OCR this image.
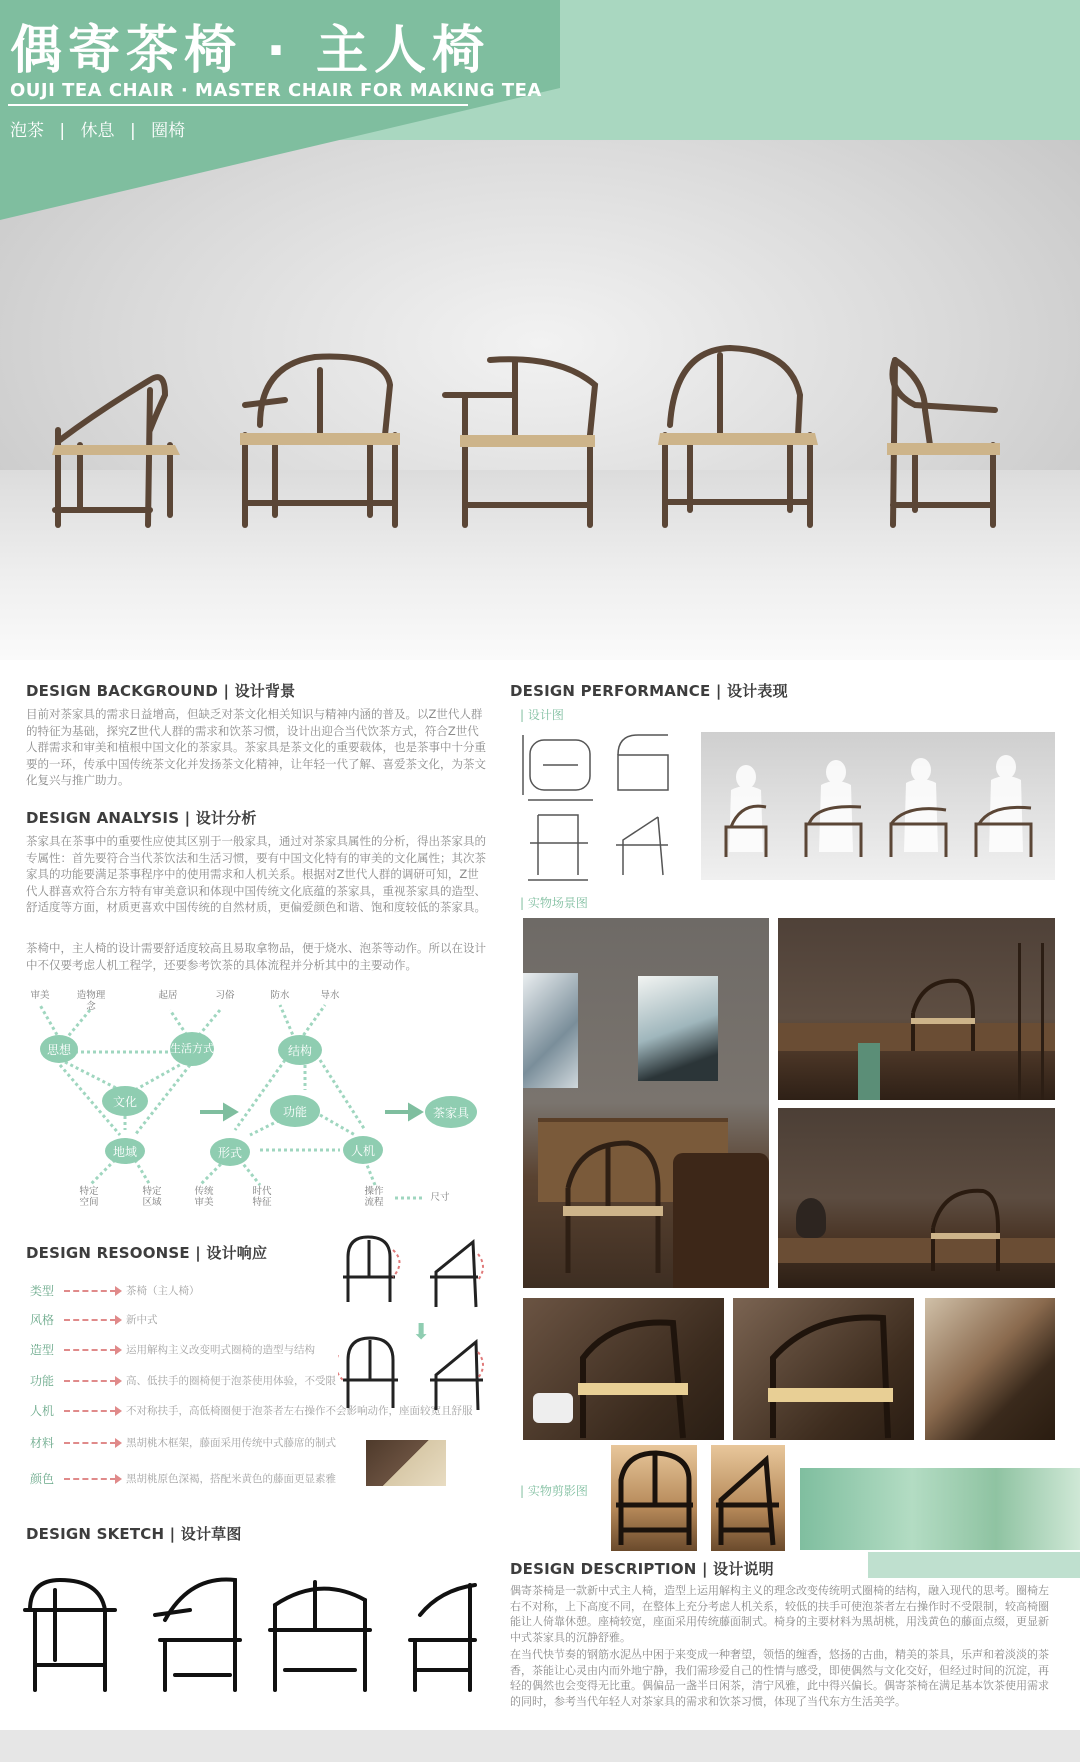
偶寄茶椅 · 主人椅
OUJI TEA CHAIR · MASTER CHAIR FOR MAKING TEA
泡茶 | 休息 | 圈椅
DESIGN BACKGROUND | 设计背景
目前对茶家具的需求日益增高，但缺乏对茶文化相关知识与精神内涵的普及。以Z世代人群的特征为基础，探究Z世代人群的需求和饮茶习惯，设计出迎合当代饮茶方式，符合Z世代人群需求和审美和植根中国文化的茶家具。茶家具是茶文化的重要载体，也是茶事中十分重要的一环，传承中国传统茶文化并发扬茶文化精神，让年轻一代了解、喜爱茶文化，为茶文化复兴与推广助力。
DESIGN ANALYSIS | 设计分析
茶家具在茶事中的重要性应使其区别于一般家具，通过对茶家具属性的分析，得出茶家具的专属性：首先要符合当代茶饮法和生活习惯，要有中国文化特有的审美的文化属性；其次茶家具的功能要满足茶事程序中的使用需求和人机关系。根据对Z世代人群的调研可知，Z世代人群喜欢符合东方特有审美意识和体现中国传统文化底蕴的茶家具，重视茶家具的造型、舒适度等方面，材质更喜欢中国传统的自然材质，更偏爱颜色和谐、饱和度较低的茶家具。
茶椅中，主人椅的设计需要舒适度较高且易取拿物品，便于烧水、泡茶等动作。所以在设计中不仅要考虑人机工程学，还要参考饮茶的具体流程并分析其中的主要动作。
思想	生活方式
文化
地域
结构
功能
形式	人机
茶家具
审美	造物理念
起居	习俗	防水	导水
特定空间
特定区域
传统审美
时代特征
操作流程	尺寸
DESIGN RESOONSE | 设计响应
类型	茶椅（主人椅）
风格	新中式
造型	运用解构主义改变明式圈椅的造型与结构
功能	高、低扶手的圈椅便于泡茶使用体验，不受限
人机	不对称扶手，高低椅圈便于泡茶者左右操作不会影响动作，座面较宽且舒服
材料	黑胡桃木框架，藤面采用传统中式藤席的制式
颜色	黑胡桃原色深褐，搭配米黄色的藤面更显素雅
⬇
DESIGN SKETCH | 设计草图
DESIGN PERFORMANCE | 设计表现
| 设计图
| 实物场景图
| 实物剪影图
DESIGN DESCRIPTION | 设计说明
偶寄茶椅是一款新中式主人椅，造型上运用解构主义的理念改变传统明式圈椅的结构，融入现代的思考。圈椅左右不对称，上下高度不同，在整体上充分考虑人机关系，较低的扶手可使泡茶者左右操作时不受限制，较高椅圈能让人倚靠休憩。座椅较宽，座面采用传统藤面制式。椅身的主要材料为黑胡桃，用浅黄色的藤面点缀，更显新中式茶家具的沉静舒雅。
在当代快节奏的钢筋水泥丛中困于来变成一种奢望，领悟的缠香，悠扬的古曲，精美的茶具，乐声和着淡淡的茶香，茶能让心灵由内而外地宁静，我们需珍爱自己的性情与感受，即使偶然与文化交好，但经过时间的沉淀，再轻的偶然也会变得无比重。偶偏品一盏半日闲茶，清宁风雅，此中得兴偏长。偶寄茶椅在满足基本饮茶使用需求的同时，参考当代年轻人对茶家具的需求和饮茶习惯，体现了当代东方生活美学。
